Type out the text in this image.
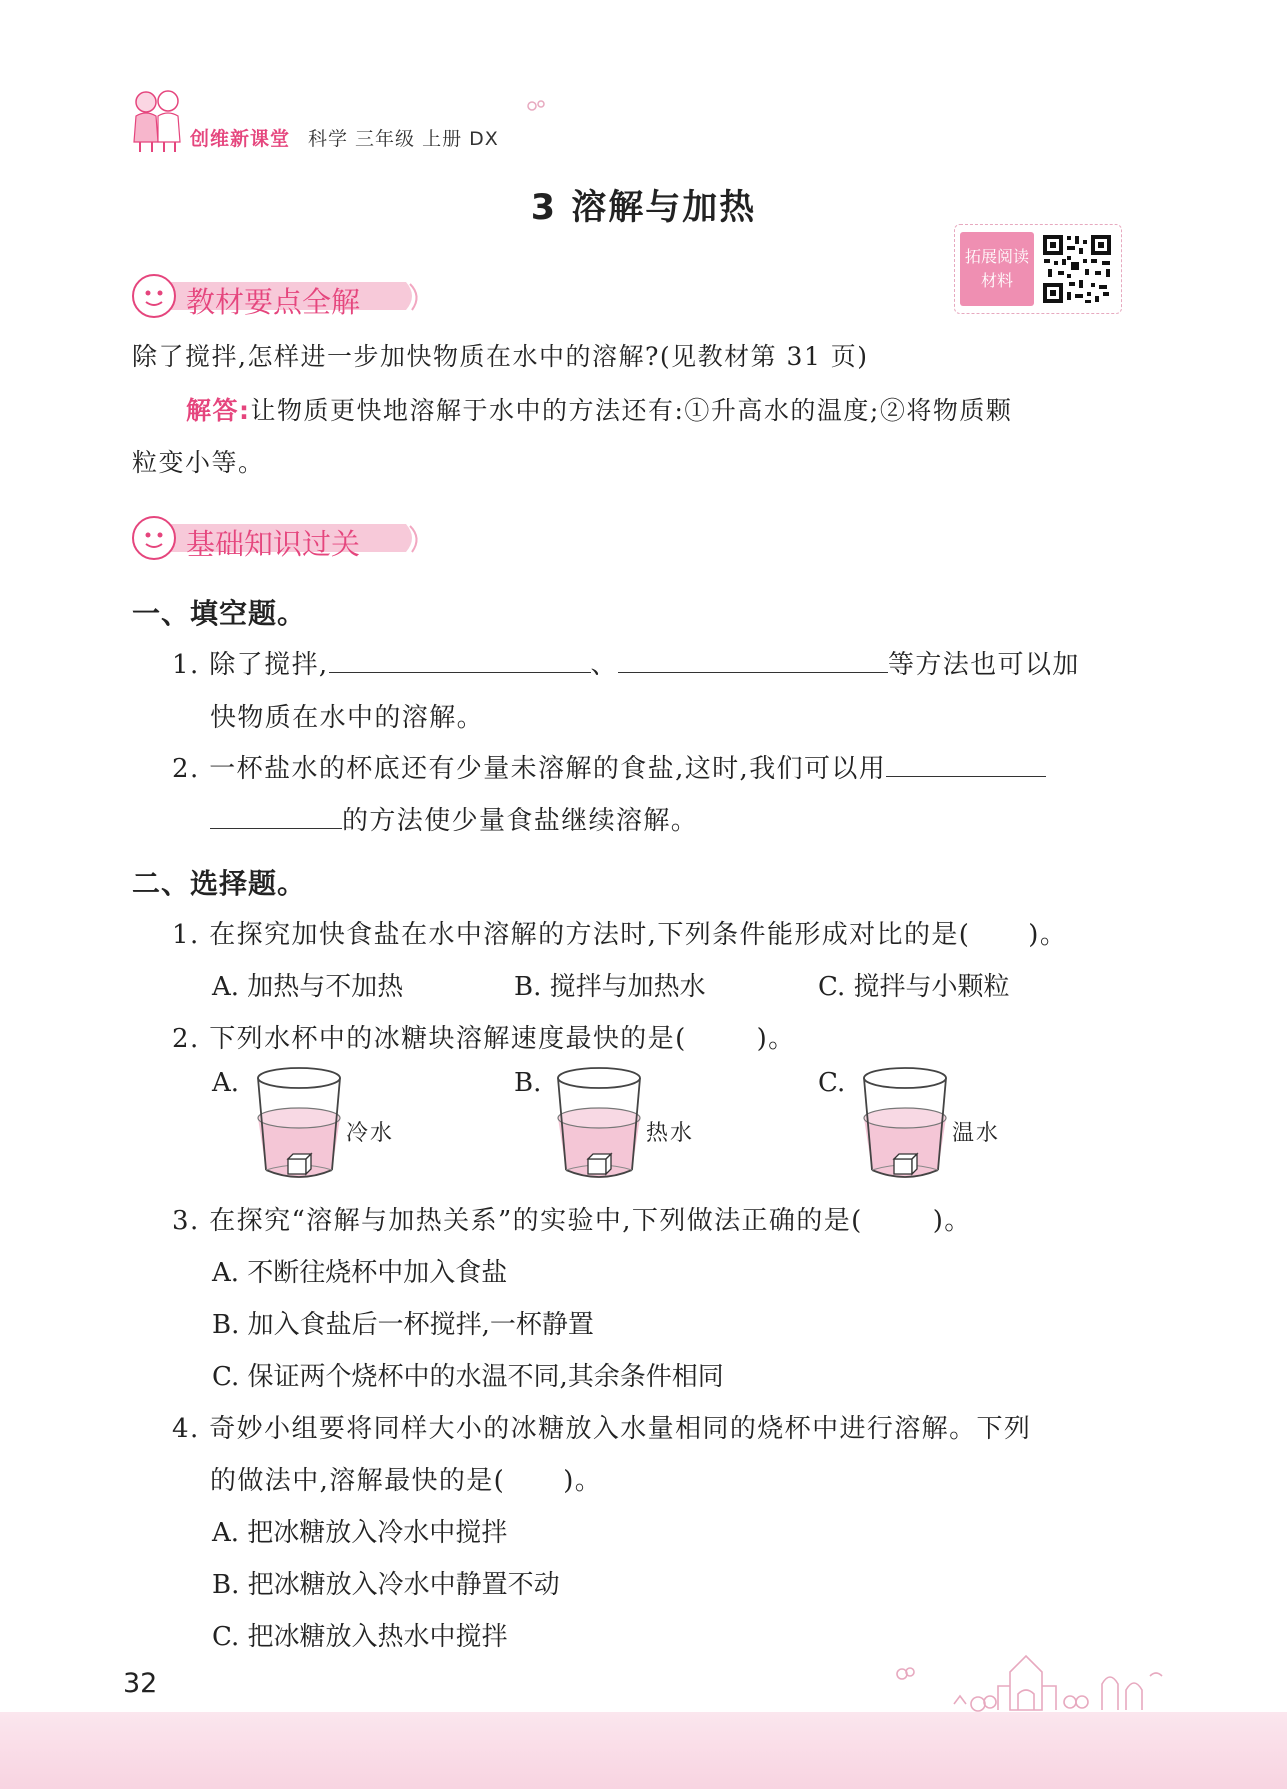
创维新课堂 科学 三年级 上册 DX
3 溶解与加热
拓展阅读
材料
教材要点全解
除了搅拌,怎样进一步加快物质在水中的溶解?(见教材第 31 页)
解答:让物质更快地溶解于水中的方法还有:①升高水的温度;②将物质颗
粒变小等。
基础知识过关
一、填空题。
1. 除了搅拌,	、	等方法也可以加
快物质在水中的溶解。
2. 一杯盐水的杯底还有少量未溶解的食盐,这时,我们可以用
的方法使少量食盐继续溶解。
二、选择题。
1. 在探究加快食盐在水中溶解的方法时,下列条件能形成对比的是( )。
A. 加热与不加热	B. 搅拌与加热水	C. 搅拌与小颗粒
2. 下列水杯中的冰糖块溶解速度最快的是(	)。
A.
冷水
B.
热水
C.
温水
3. 在探究“溶解与加热关系”的实验中,下列做法正确的是(	)。
A. 不断往烧杯中加入食盐
B. 加入食盐后一杯搅拌,一杯静置
C. 保证两个烧杯中的水温不同,其余条件相同
4. 奇妙小组要将同样大小的冰糖放入水量相同的烧杯中进行溶解。下列
的做法中,溶解最快的是( )。
A. 把冰糖放入冷水中搅拌
B. 把冰糖放入冷水中静置不动
C. 把冰糖放入热水中搅拌
32
